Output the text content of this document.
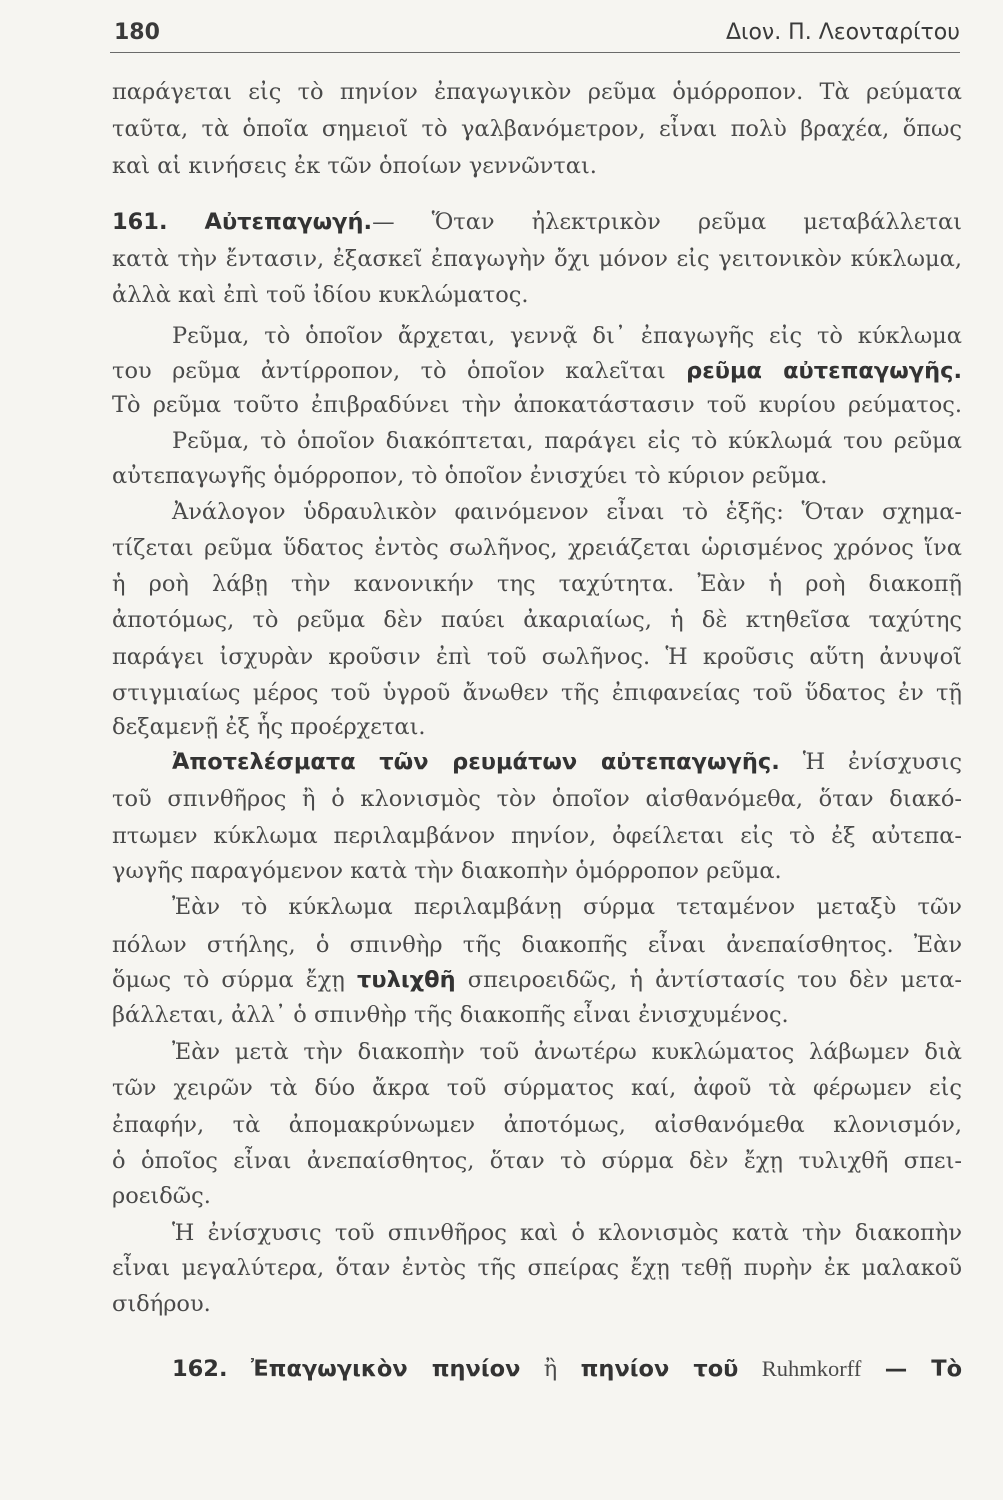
180	Διον. Π. Λεονταρίτου
παράγεται εἰς τὸ πηνίον ἐπαγωγικὸν ρεῦμα ὁμόρροπον. Τὰ ρεύματα
ταῦτα, τὰ ὁποῖα σημειοῖ τὸ γαλβανόμετρον, εἶναι πολὺ βραχέα, ὅπως
καὶ αἱ κινήσεις ἐκ τῶν ὁποίων γεννῶνται.
161. Αὐτεπαγωγή.— Ὅταν ἠλεκτρικὸν ρεῦμα μεταβάλλεται
κατὰ τὴν ἔντασιν, ἐξασκεῖ ἐπαγωγὴν ὄχι μόνον εἰς γειτονικὸν κύκλωμα,
ἀλλὰ καὶ ἐπὶ τοῦ ἰδίου κυκλώματος.
Ρεῦμα, τὸ ὁποῖον ἄρχεται, γεννᾷ δι᾽ ἐπαγωγῆς εἰς τὸ κύκλωμα
του ρεῦμα ἀντίρροπον, τὸ ὁποῖον καλεῖται ρεῦμα αὐτεπαγωγῆς.
Τὸ ρεῦμα τοῦτο ἐπιβραδύνει τὴν ἀποκατάστασιν τοῦ κυρίου ρεύματος.
Ρεῦμα, τὸ ὁποῖον διακόπτεται, παράγει εἰς τὸ κύκλωμά του ρεῦμα
αὐτεπαγωγῆς ὁμόρροπον, τὸ ὁποῖον ἐνισχύει τὸ κύριον ρεῦμα.
Ἀνάλογον ὑδραυλικὸν φαινόμενον εἶναι τὸ ἑξῆς: Ὅταν σχημα-
τίζεται ρεῦμα ὕδατος ἐντὸς σωλῆνος, χρειάζεται ὡρισμένος χρόνος ἵνα
ἡ ροὴ λάβῃ τὴν κανονικήν της ταχύτητα. Ἐὰν ἡ ροὴ διακοπῇ
ἀποτόμως, τὸ ρεῦμα δὲν παύει ἀκαριαίως, ἡ δὲ κτηθεῖσα ταχύτης
παράγει ἰσχυρὰν κροῦσιν ἐπὶ τοῦ σωλῆνος. Ἡ κροῦσις αὕτη ἀνυψοῖ
στιγμιαίως μέρος τοῦ ὑγροῦ ἄνωθεν τῆς ἐπιφανείας τοῦ ὕδατος ἐν τῇ
δεξαμενῇ ἐξ ἧς προέρχεται.
Ἀποτελέσματα τῶν ρευμάτων αὐτεπαγωγῆς. Ἡ ἐνίσχυσις
τοῦ σπινθῆρος ἢ ὁ κλονισμὸς τὸν ὁποῖον αἰσθανόμεθα, ὅταν διακό-
πτωμεν κύκλωμα περιλαμβάνον πηνίον, ὀφείλεται εἰς τὸ ἐξ αὐτεπα-
γωγῆς παραγόμενον κατὰ τὴν διακοπὴν ὁμόρροπον ρεῦμα.
Ἐὰν τὸ κύκλωμα περιλαμβάνῃ σύρμα τεταμένον μεταξὺ τῶν
πόλων στήλης, ὁ σπινθὴρ τῆς διακοπῆς εἶναι ἀνεπαίσθητος. Ἐὰν
ὅμως τὸ σύρμα ἔχῃ τυλιχθῆ σπειροειδῶς, ἡ ἀντίστασίς του δὲν μετα-
βάλλεται, ἀλλ᾽ ὁ σπινθὴρ τῆς διακοπῆς εἶναι ἐνισχυμένος.
Ἐὰν μετὰ τὴν διακοπὴν τοῦ ἀνωτέρω κυκλώματος λάβωμεν διὰ
τῶν χειρῶν τὰ δύο ἄκρα τοῦ σύρματος καί, ἀφοῦ τὰ φέρωμεν εἰς
ἐπαφήν, τὰ ἀπομακρύνωμεν ἀποτόμως, αἰσθανόμεθα κλονισμόν,
ὁ ὁποῖος εἶναι ἀνεπαίσθητος, ὅταν τὸ σύρμα δὲν ἔχῃ τυλιχθῆ σπει-
ροειδῶς.
Ἡ ἐνίσχυσις τοῦ σπινθῆρος καὶ ὁ κλονισμὸς κατὰ τὴν διακοπὴν
εἶναι μεγαλύτερα, ὅταν ἐντὸς τῆς σπείρας ἔχῃ τεθῇ πυρὴν ἐκ μαλακοῦ
σιδήρου.
162. Ἐπαγωγικὸν πηνίον ἢ πηνίον τοῦ Ruhmkorff — Τὸ
